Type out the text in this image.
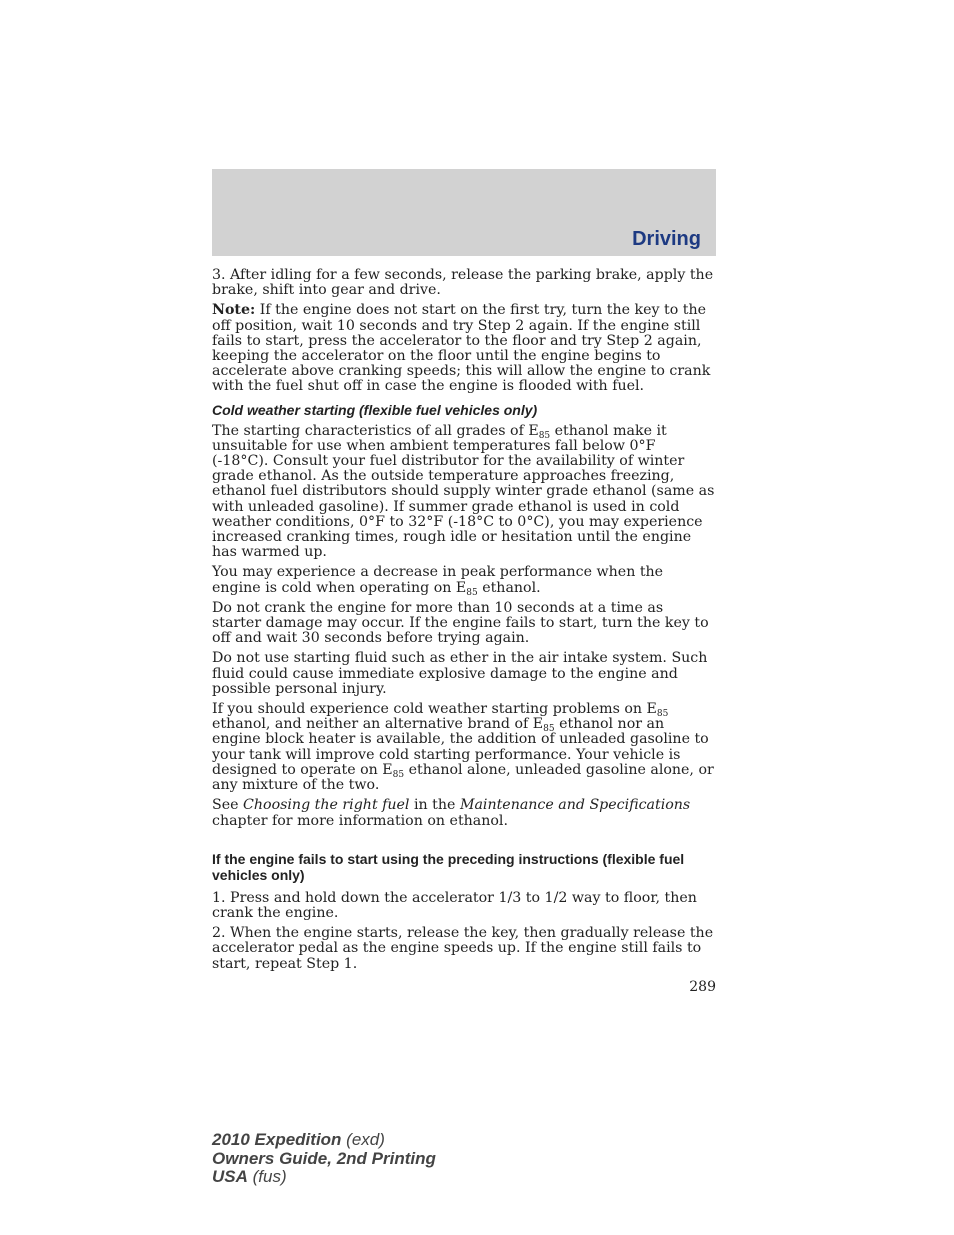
Driving

3. After idling for a few seconds, release the parking brake, apply the brake, shift into gear and drive.

Note: If the engine does not start on the first try, turn the key to the off position, wait 10 seconds and try Step 2 again. If the engine still fails to start, press the accelerator to the floor and try Step 2 again, keeping the accelerator on the floor until the engine begins to accelerate above cranking speeds; this will allow the engine to crank with the fuel shut off in case the engine is flooded with fuel.

Cold weather starting (flexible fuel vehicles only)

The starting characteristics of all grades of $E_{85}$ ethanol make it unsuitable for use when ambient temperatures fall below 0°F (-18°C). Consult your fuel distributor for the availability of winter grade ethanol. As the outside temperature approaches freezing, ethanol fuel distributors should supply winter grade ethanol (same as with unleaded gasoline). If summer grade ethanol is used in cold weather conditions, 0°F to 32°F (-18°C to 0°C), you may experience increased cranking times, rough idle or hesitation until the engine has warmed up.

You may experience a decrease in peak performance when the engine is cold when operating on $E_{85}$ ethanol.

Do not crank the engine for more than 10 seconds at a time as starter damage may occur. If the engine fails to start, turn the key to off and wait 30 seconds before trying again.

Do not use starting fluid such as ether in the air intake system. Such fluid could cause immediate explosive damage to the engine and possible personal injury.

If you should experience cold weather starting problems on $E_{85}$ ethanol, and neither an alternative brand of $E_{85}$ ethanol nor an engine block heater is available, the addition of unleaded gasoline to your tank will improve cold starting performance. Your vehicle is designed to operate on $E_{85}$ ethanol alone, unleaded gasoline alone, or any mixture of the two.

See Choosing the right fuel in the Maintenance and Specifications chapter for more information on ethanol.

If the engine fails to start using the preceding instructions (flexible fuel vehicles only)

1. Press and hold down the accelerator 1/3 to 1/2 way to floor, then crank the engine.

2. When the engine starts, release the key, then gradually release the accelerator pedal as the engine speeds up. If the engine still fails to start, repeat Step 1.

289
2010 Expedition (exd)
Owners Guide, 2nd Printing
USA (fus)
